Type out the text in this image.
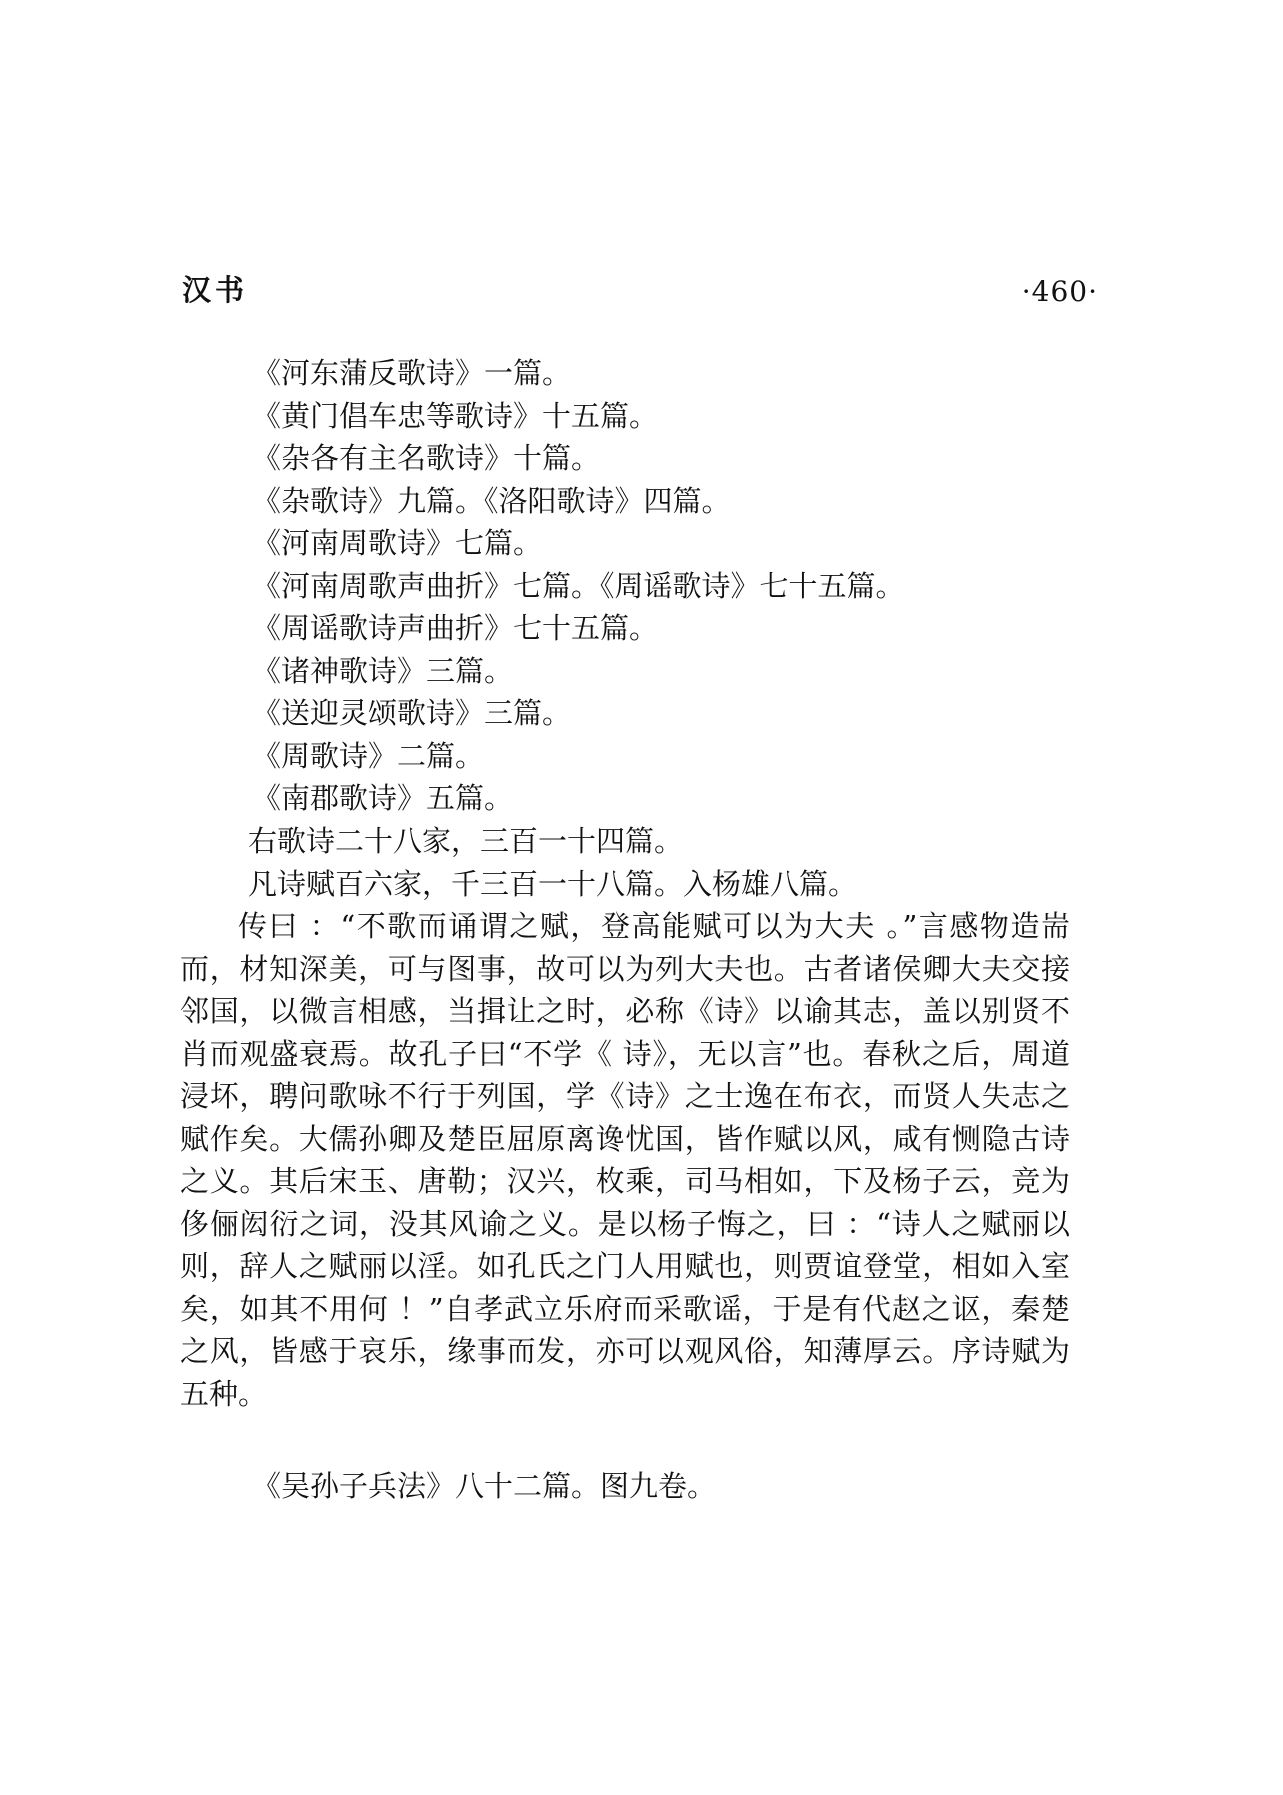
汉书	·460·
《河东蒲反歌诗》一篇。
《黄门倡车忠等歌诗》十五篇。
《杂各有主名歌诗》十篇。
《杂歌诗》九篇。《洛阳歌诗》四篇。
《河南周歌诗》七篇。
《河南周歌声曲折》七篇。《周谣歌诗》七十五篇。
《周谣歌诗声曲折》七十五篇。
《诸神歌诗》三篇。
《送迎灵颂歌诗》三篇。
《周歌诗》二篇。
《南郡歌诗》五篇。

右歌诗二十八家，三百一十四篇。

凡诗赋百六家，千三百一十八篇。入杨雄八篇。

传曰 ：“不歌而诵谓之赋，登高能赋可以为大夫 。”言感物造耑而，材知深美，可与图事，故可以为列大夫也。古者诸侯卿大夫交接邻国，以微言相感，当揖让之时，必称《诗》以谕其志，盖以别贤不肖而观盛衰焉。故孔子曰“不学《 诗》，无以言”也。春秋之后，周道浸坏，聘问歌咏不行于列国，学《诗》之士逸在布衣，而贤人失志之赋作矣。大儒孙卿及楚臣屈原离谗忧国，皆作赋以风，咸有恻隐古诗之义。其后宋玉、唐勒；汉兴，枚乘，司马相如，下及杨子云，竞为侈俪闳衍之词，没其风谕之义。是以杨子悔之，曰 ：“诗人之赋丽以则，辞人之赋丽以淫。如孔氏之门人用赋也，则贾谊登堂，相如入室矣，如其不用何 ！”自孝武立乐府而采歌谣，于是有代赵之讴，秦楚之风，皆感于哀乐，缘事而发，亦可以观风俗，知薄厚云。序诗赋为五种。

《吴孙子兵法》八十二篇。图九卷。
